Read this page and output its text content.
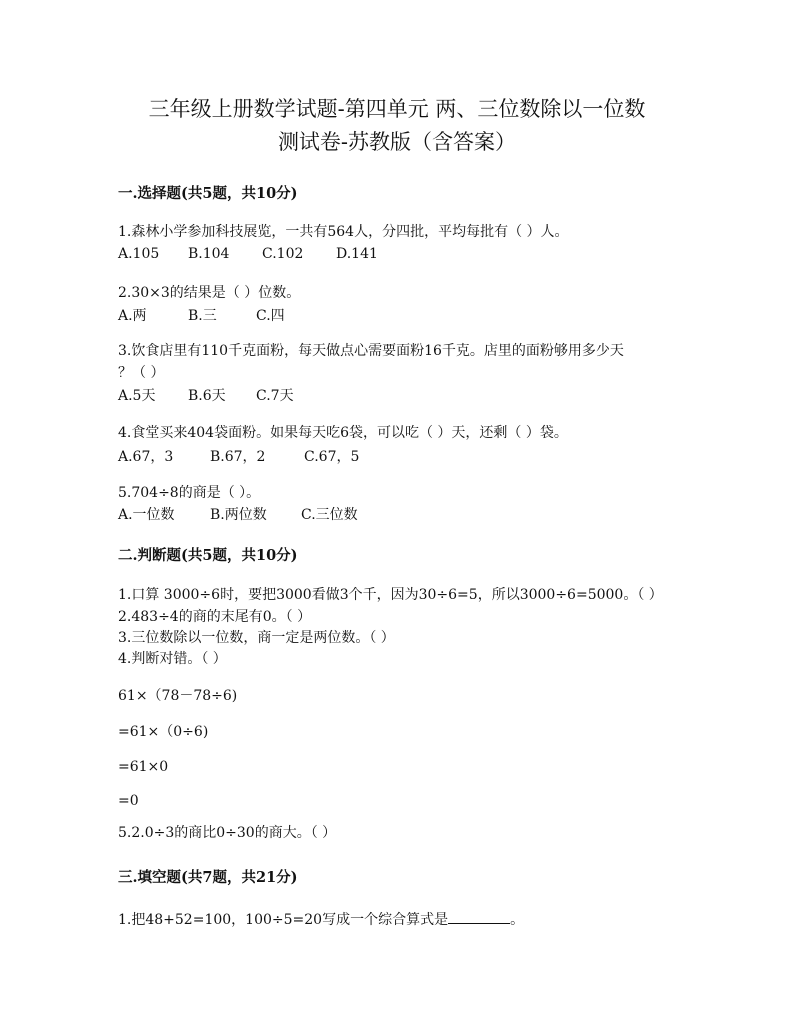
三年级上册数学试题-第四单元 两、三位数除以一位数
测试卷-苏教版（含答案）
一.选择题(共5题，共10分)
1.森林小学参加科技展览，一共有564人，分四批，平均每批有（ ）人。
A.105 B.104 C.102 D.141
2.30×3的结果是（ ）位数。
A.两	B.三	C.四
3.饮食店里有110千克面粉，每天做点心需要面粉16千克。店里的面粉够用多少天
？（ ）
A.5天 B.6天 C.7天
4.食堂买来404袋面粉。如果每天吃6袋，可以吃（ ）天，还剩（ ）袋。
A.67，3	B.67，2	C.67，5
5.704÷8的商是（ ）。
A.一位数	B.两位数 C.三位数
二.判断题(共5题，共10分)
1.口算 3000÷6时，要把3000看做3个千，因为30÷6=5，所以3000÷6=5000。（ ）
2.483÷4的商的末尾有0。（ ）
3.三位数除以一位数，商一定是两位数。（ ）
4.判断对错。（ ）
61×（78－78÷6)
=61×（0÷6)
=61×0
=0
5.2.0÷3的商比0÷30的商大。（ ）
三.填空题(共7题，共21分)
1.把48+52=100，100÷5=20写成一个综合算式是	。
